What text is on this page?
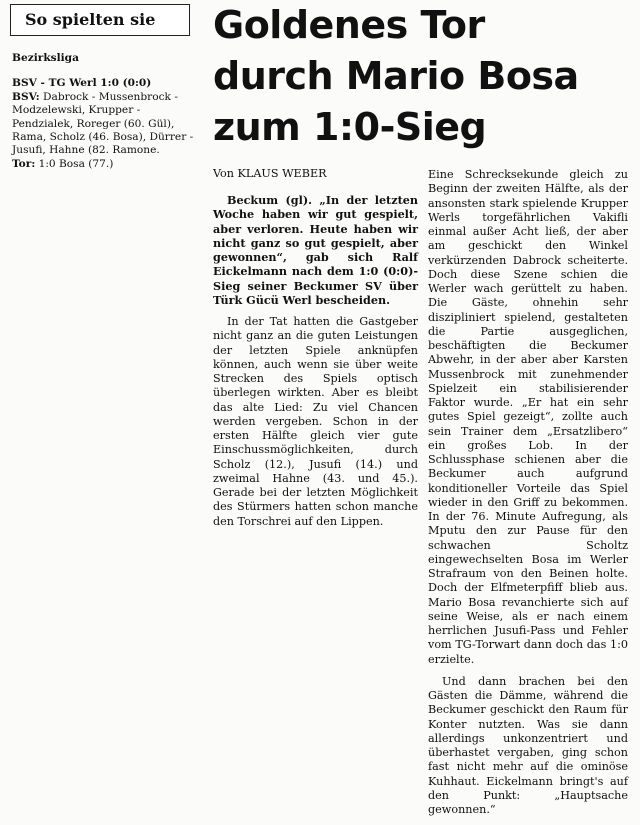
So spielten sie
Bezirksliga

BSV - TG Werl 1:0 (0:0)

BSV: Dabrock - Mussenbrock - Modzelewski, Krupper - Pendzialek, Roreger (60. Gül), Rama, Scholz (46. Bosa), Dürrer - Jusufi, Hahne (82. Ramone.

Tor: 1:0 Bosa (77.)

Goldenes Tor
durch Mario Bosa
zum 1:0-Sieg
Von KLAUS WEBER

Beckum (gl). „In der letzten Woche haben wir gut gespielt, aber verloren. Heute haben wir nicht ganz so gut gespielt, aber gewonnen“, gab sich Ralf Eickelmann nach dem 1:0 (0:0)-Sieg seiner Beckumer SV über Türk Gücü Werl bescheiden.

In der Tat hatten die Gastgeber nicht ganz an die guten Leistungen der letzten Spiele anknüpfen können, auch wenn sie über weite Strecken des Spiels optisch überlegen wirkten. Aber es bleibt das alte Lied: Zu viel Chancen werden vergeben. Schon in der ersten Hälfte gleich vier gute Einschussmöglichkeiten, durch Scholz (12.), Jusufi (14.) und zweimal Hahne (43. und 45.). Gerade bei der letzten Möglichkeit des Stürmers hatten schon manche den Torschrei auf den Lippen.

Eine Schrecksekunde gleich zu Beginn der zweiten Hälfte, als der ansonsten stark spielende Krupper Werls torgefährlichen Vakifli einmal außer Acht ließ, der aber am geschickt den Winkel verkürzenden Dabrock scheiterte. Doch diese Szene schien die Werler wach gerüttelt zu haben. Die Gäste, ohnehin sehr diszipliniert spielend, gestalteten die Partie ausgeglichen, beschäftigten die Beckumer Abwehr, in der aber aber Karsten Mussenbrock mit zunehmender Spielzeit ein stabilisierender Faktor wurde. „Er hat ein sehr gutes Spiel gezeigt“, zollte auch sein Trainer dem „Ersatzlibero“ ein großes Lob. In der Schlussphase schienen aber die Beckumer auch aufgrund konditioneller Vorteile das Spiel wieder in den Griff zu bekommen. In der 76. Minute Aufregung, als Mputu den zur Pause für den schwachen Scholtz eingewechselten Bosa im Werler Strafraum von den Beinen holte. Doch der Elfmeterpfiff blieb aus. Mario Bosa revanchierte sich auf seine Weise, als er nach einem herrlichen Jusufi-Pass und Fehler vom TG-Torwart dann doch das 1:0 erzielte.

Und dann brachen bei den Gästen die Dämme, während die Beckumer geschickt den Raum für Konter nutzten. Was sie dann allerdings unkonzentriert und überhastet vergaben, ging schon fast nicht mehr auf die ominöse Kuhhaut. Eickelmann bringt's auf den Punkt: „Hauptsache gewonnen.“
